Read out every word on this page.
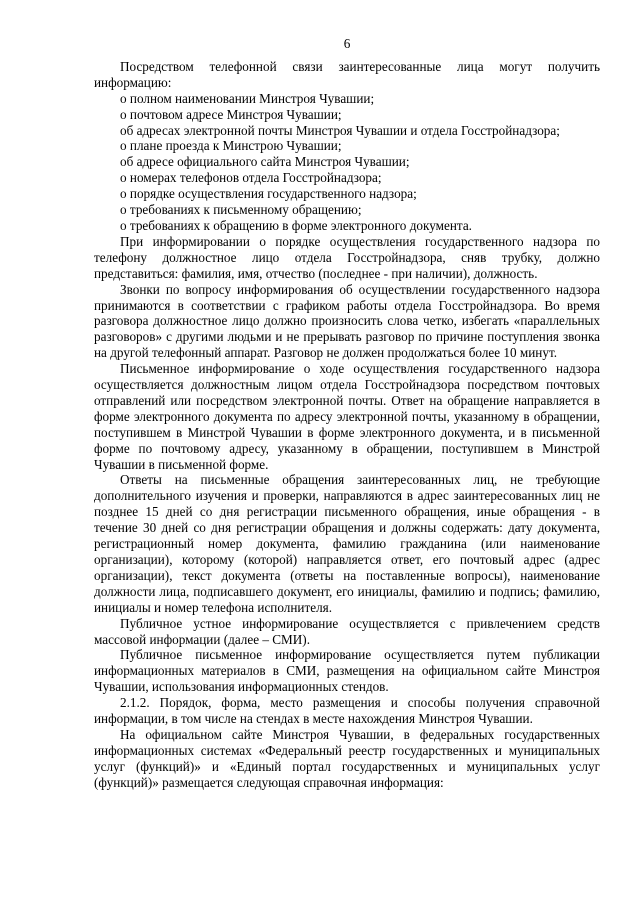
6

Посредством телефонной связи заинтересованные лица могут получить информацию:

о полном наименовании Минстроя Чувашии;

о почтовом адресе Минстроя Чувашии;

об адресах электронной почты Минстроя Чувашии и отдела Госстройнадзора;

о плане проезда к Минстрою Чувашии;

об адресе официального сайта Минстроя Чувашии;

о номерах телефонов отдела Госстройнадзора;

о порядке осуществления государственного надзора;

о требованиях к письменному обращению;

о требованиях к обращению в форме электронного документа.

При информировании о порядке осуществления государственного надзора по телефону должностное лицо отдела Госстройнадзора, сняв трубку, должно представиться: фамилия, имя, отчество (последнее - при наличии), должность.

Звонки по вопросу информирования об осуществлении государственного надзора принимаются в соответствии с графиком работы отдела Госстройнадзора. Во время разговора должностное лицо должно произносить слова четко, избегать «параллельных разговоров» с другими людьми и не прерывать разговор по причине поступления звонка на другой телефонный аппарат. Разговор не должен продолжаться более 10 минут.

Письменное информирование о ходе осуществления государственного надзора осуществляется должностным лицом отдела Госстройнадзора посредством почтовых отправлений или посредством электронной почты. Ответ на обращение направляется в форме электронного документа по адресу электронной почты, указанному в обращении, поступившем в Минстрой Чувашии в форме электронного документа, и в письменной форме по почтовому адресу, указанному в обращении, поступившем в Минстрой Чувашии в письменной форме.

Ответы на письменные обращения заинтересованных лиц, не требующие дополнительного изучения и проверки, направляются в адрес заинтересованных лиц не позднее 15 дней со дня регистрации письменного обращения, иные обращения - в течение 30 дней со дня регистрации обращения и должны содержать: дату документа, регистрационный номер документа, фамилию гражданина (или наименование организации), которому (которой) направляется ответ, его почтовый адрес (адрес организации), текст документа (ответы на поставленные вопросы), наименование должности лица, подписавшего документ, его инициалы, фамилию и подпись; фамилию, инициалы и номер телефона исполнителя.

Публичное устное информирование осуществляется с привлечением средств массовой информации (далее – СМИ).

Публичное письменное информирование осуществляется путем публикации информационных материалов в СМИ, размещения на официальном сайте Минстроя Чувашии, использования информационных стендов.

2.1.2. Порядок, форма, место размещения и способы получения справочной информации, в том числе на стендах в месте нахождения Минстроя Чувашии.

На официальном сайте Минстроя Чувашии, в федеральных государственных информационных системах «Федеральный реестр государственных и муниципальных услуг (функций)» и «Единый портал государственных и муниципальных услуг (функций)» размещается следующая справочная информация:
